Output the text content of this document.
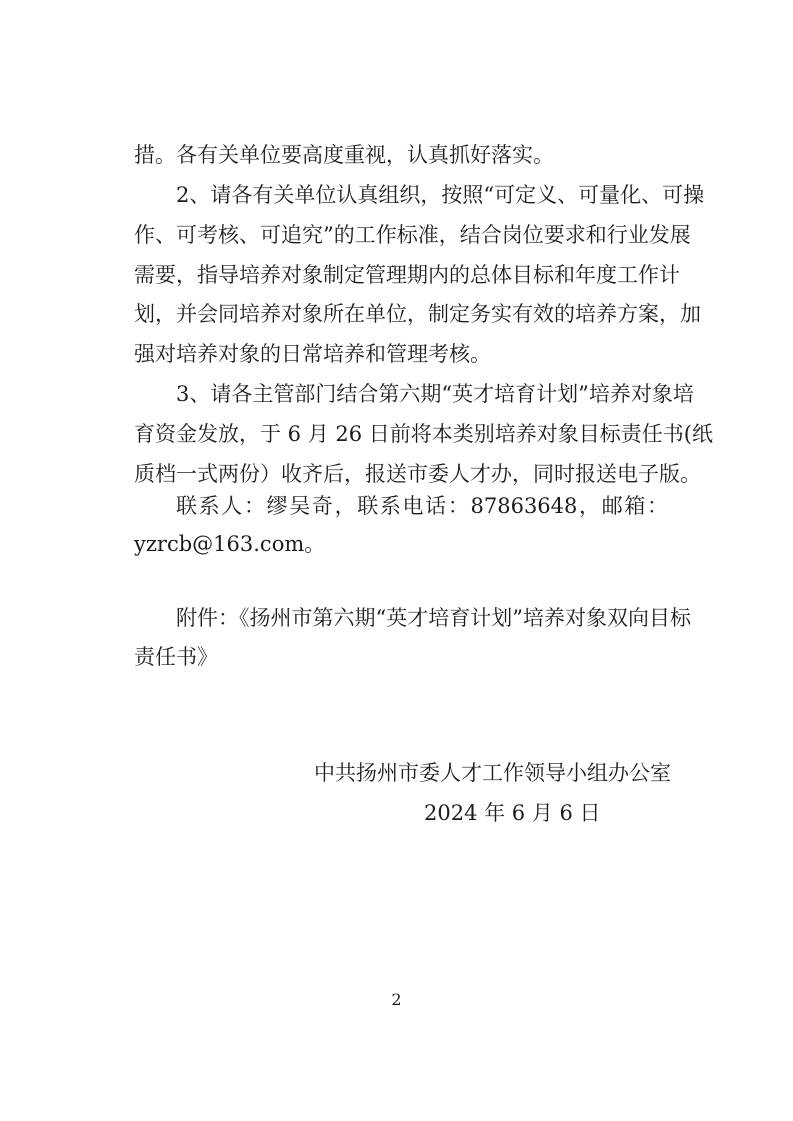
措。各有关单位要高度重视，认真抓好落实。
2、请各有关单位认真组织，按照“可定义、可量化、可操
作、可考核、可追究”的工作标准，结合岗位要求和行业发展
需要，指导培养对象制定管理期内的总体目标和年度工作计
划，并会同培养对象所在单位，制定务实有效的培养方案，加
强对培养对象的日常培养和管理考核。
3、请各主管部门结合第六期“英才培育计划”培养对象培
育资金发放，于 6 月 26 日前将本类别培养对象目标责任书(纸
质档一式两份）收齐后，报送市委人才办，同时报送电子版。
联系人：缪吴奇，联系电话：87863648，邮箱：
yzrcb@163.com。
附件：《扬州市第六期“英才培育计划”培养对象双向目标
责任书》
中共扬州市委人才工作领导小组办公室
2024 年 6 月 6 日
2
